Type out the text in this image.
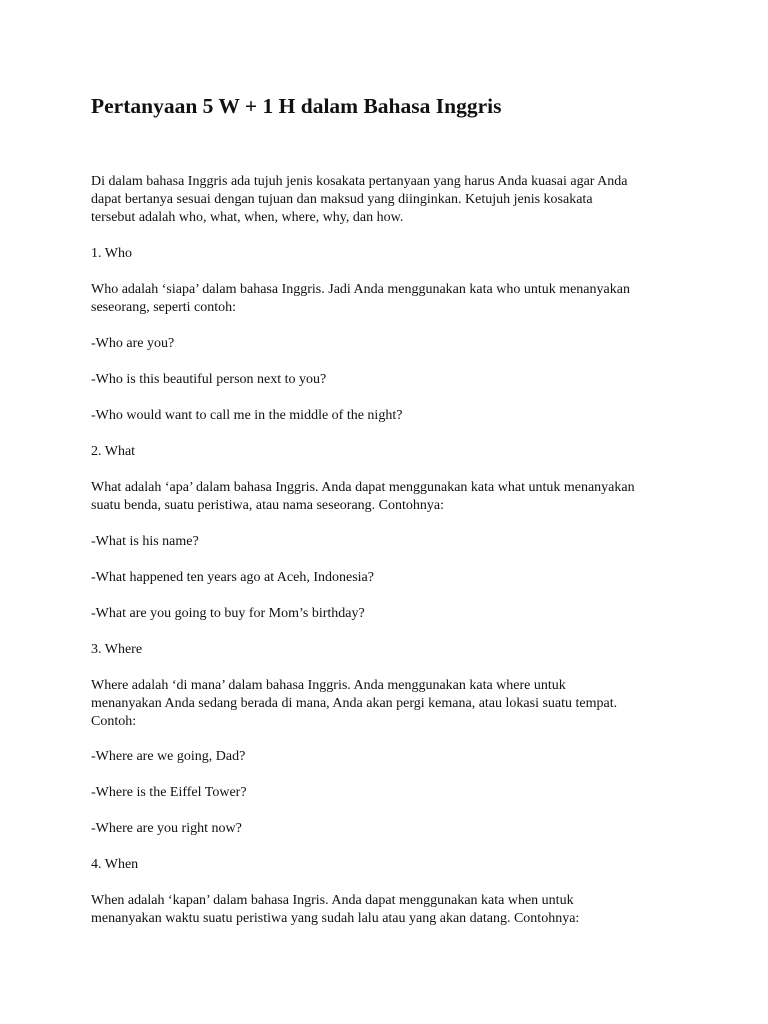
Pertanyaan 5 W + 1 H dalam Bahasa Inggris
Di dalam bahasa Inggris ada tujuh jenis kosakata pertanyaan yang harus Anda kuasai agar Anda
dapat bertanya sesuai dengan tujuan dan maksud yang diinginkan. Ketujuh jenis kosakata
tersebut adalah who, what, when, where, why, dan how.
1. Who
Who adalah ‘siapa’ dalam bahasa Inggris. Jadi Anda menggunakan kata who untuk menanyakan
seseorang, seperti contoh:
-Who are you?
-Who is this beautiful person next to you?
-Who would want to call me in the middle of the night?
2. What
What adalah ‘apa’ dalam bahasa Inggris. Anda dapat menggunakan kata what untuk menanyakan
suatu benda, suatu peristiwa, atau nama seseorang. Contohnya:
-What is his name?
-What happened ten years ago at Aceh, Indonesia?
-What are you going to buy for Mom’s birthday?
3. Where
Where adalah ‘di mana’ dalam bahasa Inggris. Anda menggunakan kata where untuk
menanyakan Anda sedang berada di mana, Anda akan pergi kemana, atau lokasi suatu tempat.
Contoh:
-Where are we going, Dad?
-Where is the Eiffel Tower?
-Where are you right now?
4. When
When adalah ‘kapan’ dalam bahasa Ingris. Anda dapat menggunakan kata when untuk
menanyakan waktu suatu peristiwa yang sudah lalu atau yang akan datang. Contohnya:
